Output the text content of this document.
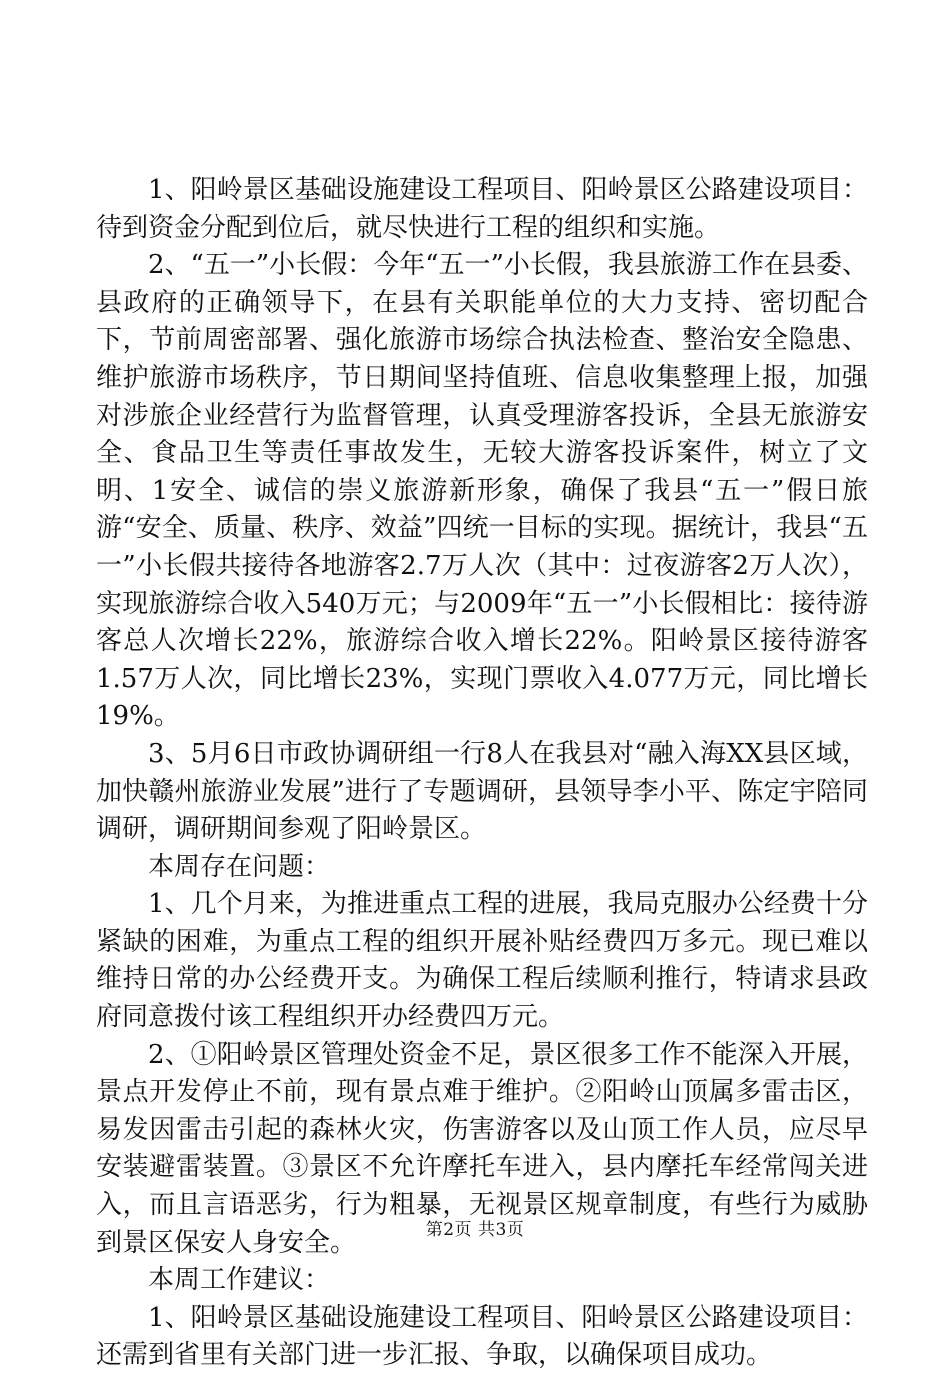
1、阳岭景区基础设施建设工程项目、阳岭景区公路建设项目：待到资金分配到位后，就尽快进行工程的组织和实施。

2、“五一”小长假：今年“五一”小长假，我县旅游工作在县委、县政府的正确领导下，在县有关职能单位的大力支持、密切配合下，节前周密部署、强化旅游市场综合执法检查、整治安全隐患、维护旅游市场秩序，节日期间坚持值班、信息收集整理上报，加强对涉旅企业经营行为监督管理，认真受理游客投诉，全县无旅游安全、食品卫生等责任事故发生，无较大游客投诉案件，树立了文明、1安全、诚信的崇义旅游新形象，确保了我县“五一”假日旅游“安全、质量、秩序、效益”四统一目标的实现。据统计，我县“五一”小长假共接待各地游客2.7万人次（其中：过夜游客2万人次），实现旅游综合收入540万元；与2009年“五一”小长假相比：接待游客总人次增长22%，旅游综合收入增长22%。阳岭景区接待游客1.57万人次，同比增长23%，实现门票收入4.077万元，同比增长19%。

3、5月6日市政协调研组一行8人在我县对“融入海XX县区域，加快赣州旅游业发展”进行了专题调研，县领导李小平、陈定宇陪同调研，调研期间参观了阳岭景区。

本周存在问题：

1、几个月来，为推进重点工程的进展，我局克服办公经费十分紧缺的困难，为重点工程的组织开展补贴经费四万多元。现已难以维持日常的办公经费开支。为确保工程后续顺利推行，特请求县政府同意拨付该工程组织开办经费四万元。

2、①阳岭景区管理处资金不足，景区很多工作不能深入开展，景点开发停止不前，现有景点难于维护。②阳岭山顶属多雷击区，易发因雷击引起的森林火灾，伤害游客以及山顶工作人员，应尽早安装避雷装置。③景区不允许摩托车进入，县内摩托车经常闯关进入，而且言语恶劣，行为粗暴，无视景区规章制度，有些行为威胁到景区保安人身安全。

本周工作建议：

1、阳岭景区基础设施建设工程项目、阳岭景区公路建设项目：还需到省里有关部门进一步汇报、争取，以确保项目成功。

第2页 共3页
